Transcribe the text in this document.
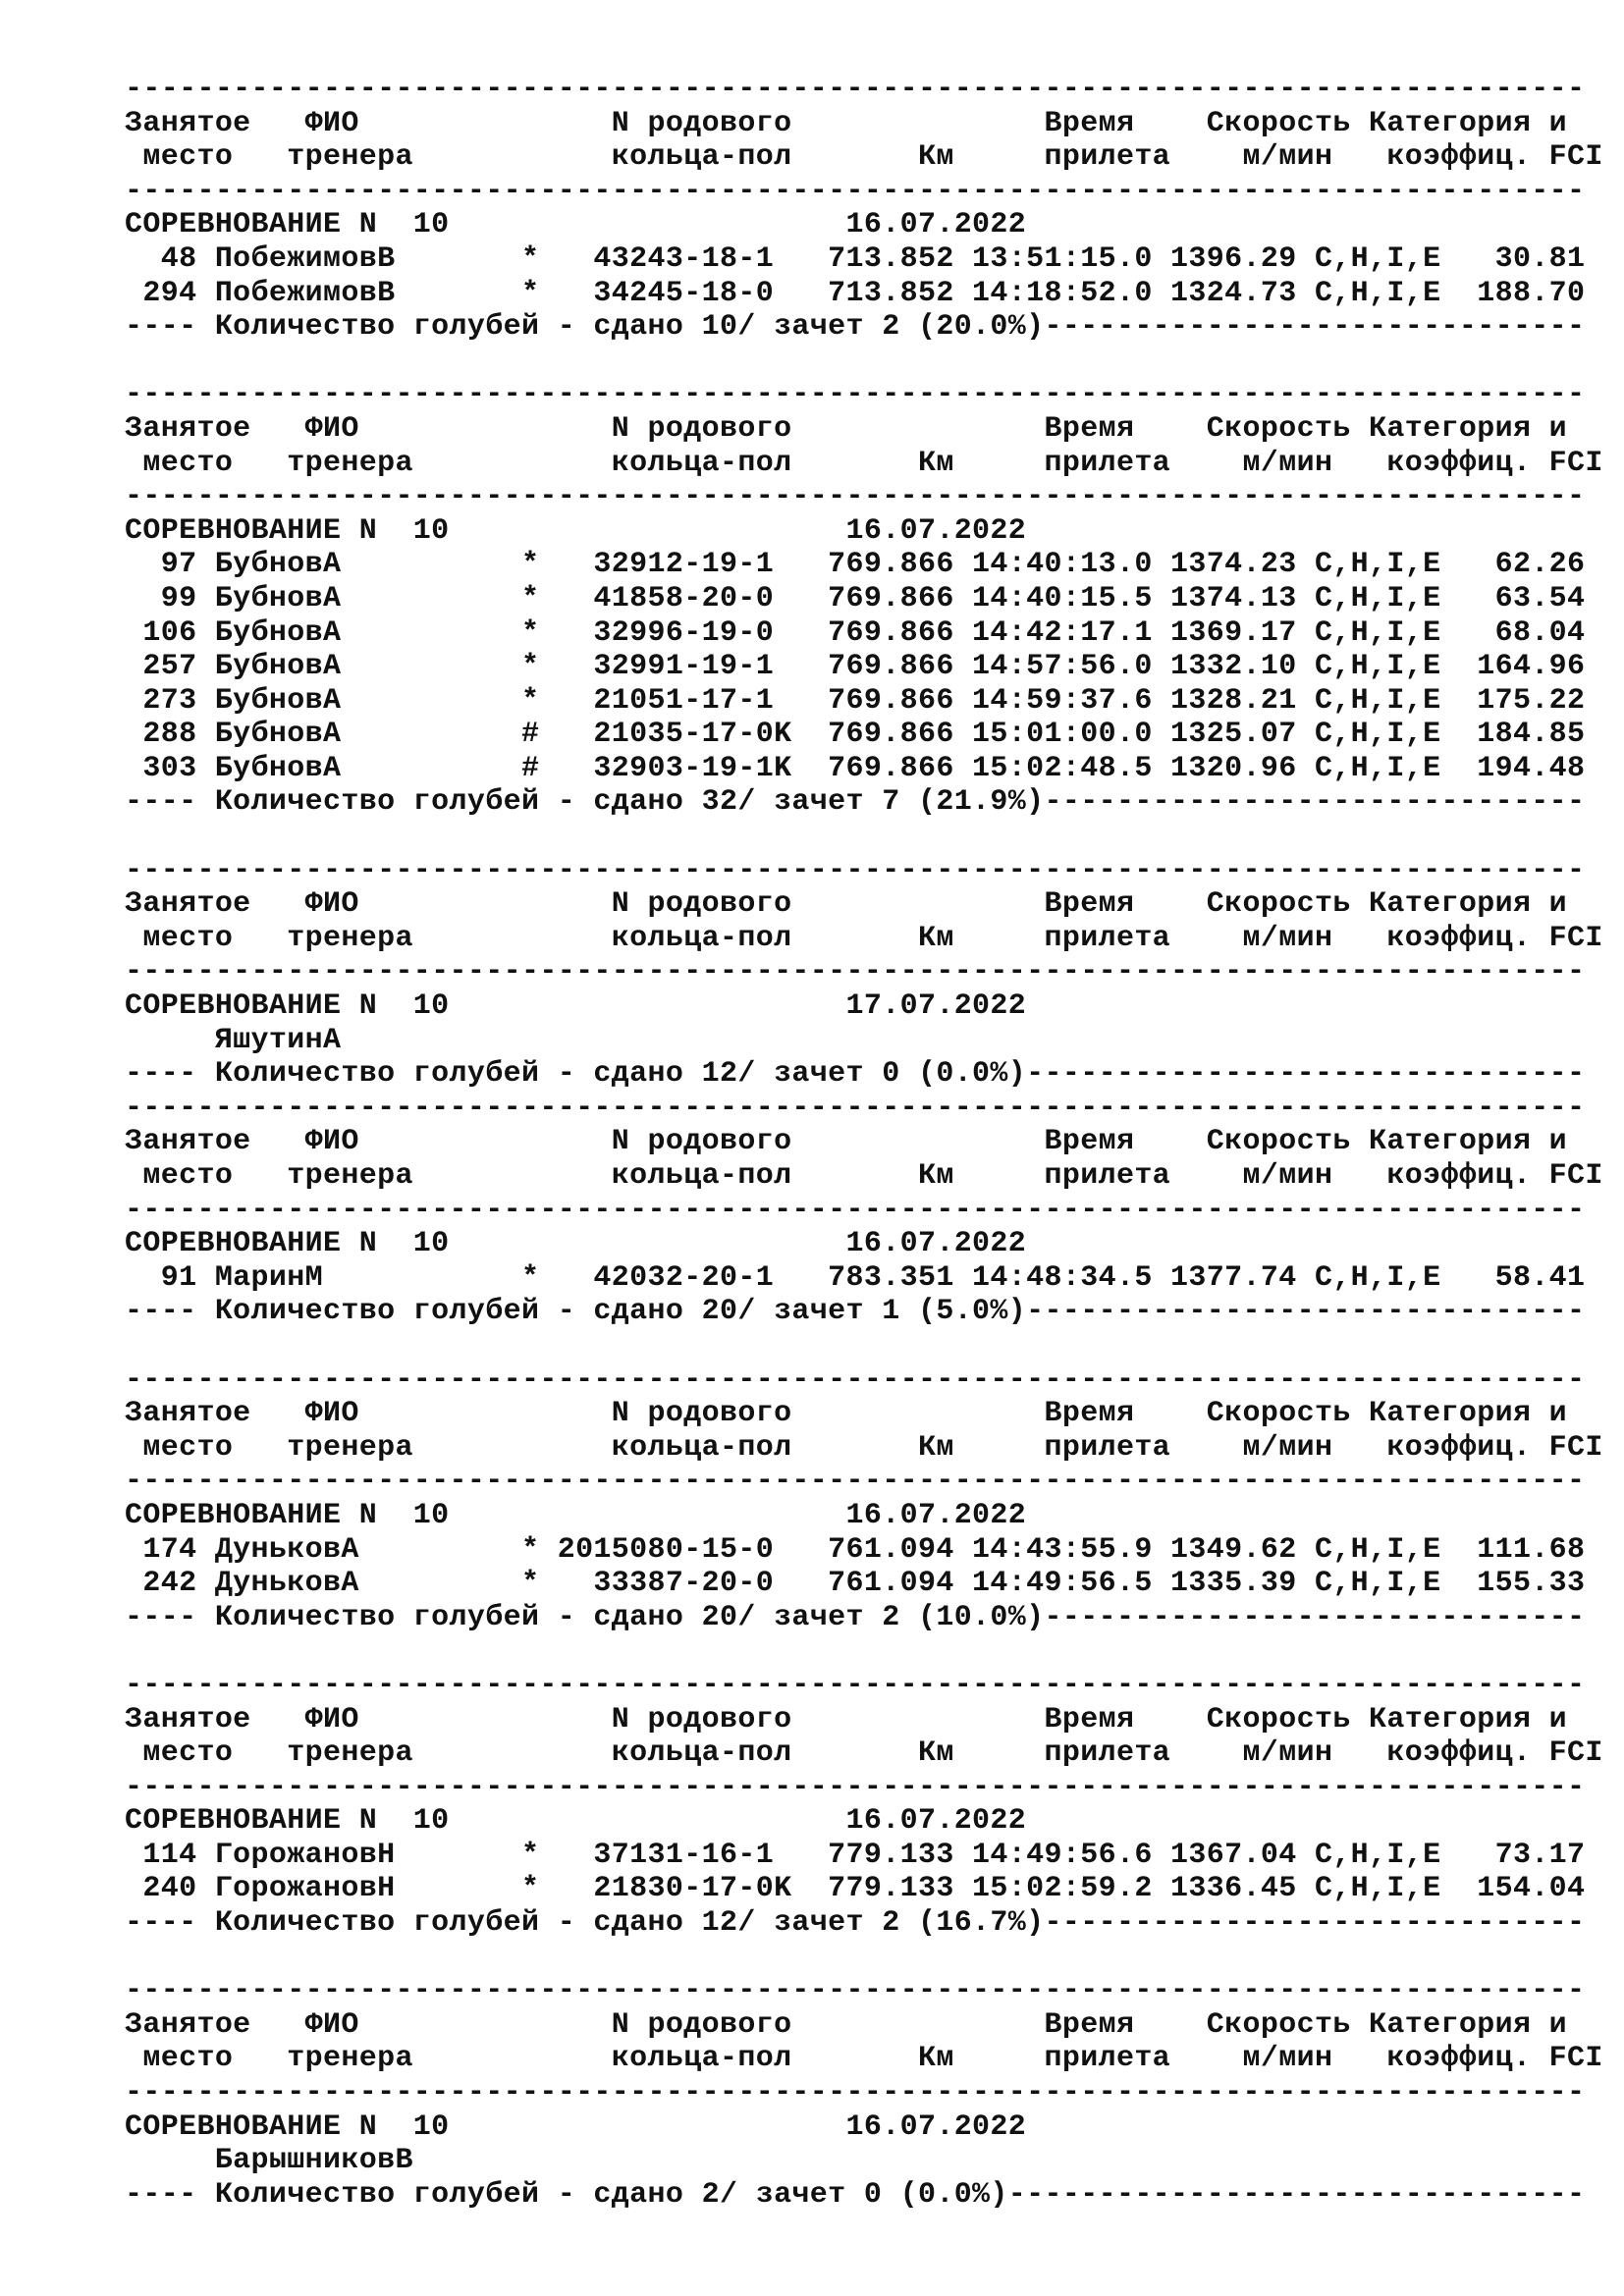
---------------------------------------------------------------------------------
Занятое   ФИО              N родового              Время    Скорость Категория и
место   тренера           кольца-пол       Км     прилета    м/мин   коэффиц. FCI
---------------------------------------------------------------------------------
СОРЕВНОВАНИЕ N  10                      16.07.2022
48 ПобежимовВ       *   43243-18-1   713.852 13:51:15.0 1396.29 C,H,I,E   30.81
294 ПобежимовВ       *   34245-18-0   713.852 14:18:52.0 1324.73 C,H,I,E  188.70
---- Количество голубей - сдано 10/ зачет 2 (20.0%)------------------------------
---------------------------------------------------------------------------------
Занятое   ФИО              N родового              Время    Скорость Категория и
место   тренера           кольца-пол       Км     прилета    м/мин   коэффиц. FCI
---------------------------------------------------------------------------------
СОРЕВНОВАНИЕ N  10                      16.07.2022
97 БубновА          *   32912-19-1   769.866 14:40:13.0 1374.23 C,H,I,E   62.26
99 БубновА          *   41858-20-0   769.866 14:40:15.5 1374.13 C,H,I,E   63.54
106 БубновА          *   32996-19-0   769.866 14:42:17.1 1369.17 C,H,I,E   68.04
257 БубновА          *   32991-19-1   769.866 14:57:56.0 1332.10 C,H,I,E  164.96
273 БубновА          *   21051-17-1   769.866 14:59:37.6 1328.21 C,H,I,E  175.22
288 БубновА          #   21035-17-0K  769.866 15:01:00.0 1325.07 C,H,I,E  184.85
303 БубновА          #   32903-19-1K  769.866 15:02:48.5 1320.96 C,H,I,E  194.48
---- Количество голубей - сдано 32/ зачет 7 (21.9%)------------------------------
---------------------------------------------------------------------------------
Занятое   ФИО              N родового              Время    Скорость Категория и
место   тренера           кольца-пол       Км     прилета    м/мин   коэффиц. FCI
---------------------------------------------------------------------------------
СОРЕВНОВАНИЕ N  10                      17.07.2022
ЯшутинА
---- Количество голубей - сдано 12/ зачет 0 (0.0%)-------------------------------
---------------------------------------------------------------------------------
Занятое   ФИО              N родового              Время    Скорость Категория и
место   тренера           кольца-пол       Км     прилета    м/мин   коэффиц. FCI
---------------------------------------------------------------------------------
СОРЕВНОВАНИЕ N  10                      16.07.2022
91 МаринМ           *   42032-20-1   783.351 14:48:34.5 1377.74 C,H,I,E   58.41
---- Количество голубей - сдано 20/ зачет 1 (5.0%)-------------------------------
---------------------------------------------------------------------------------
Занятое   ФИО              N родового              Время    Скорость Категория и
место   тренера           кольца-пол       Км     прилета    м/мин   коэффиц. FCI
---------------------------------------------------------------------------------
СОРЕВНОВАНИЕ N  10                      16.07.2022
174 ДуньковА         * 2015080-15-0   761.094 14:43:55.9 1349.62 C,H,I,E  111.68
242 ДуньковА         *   33387-20-0   761.094 14:49:56.5 1335.39 C,H,I,E  155.33
---- Количество голубей - сдано 20/ зачет 2 (10.0%)------------------------------
---------------------------------------------------------------------------------
Занятое   ФИО              N родового              Время    Скорость Категория и
место   тренера           кольца-пол       Км     прилета    м/мин   коэффиц. FCI
---------------------------------------------------------------------------------
СОРЕВНОВАНИЕ N  10                      16.07.2022
114 ГорожановН       *   37131-16-1   779.133 14:49:56.6 1367.04 C,H,I,E   73.17
240 ГорожановН       *   21830-17-0K  779.133 15:02:59.2 1336.45 C,H,I,E  154.04
---- Количество голубей - сдано 12/ зачет 2 (16.7%)------------------------------
---------------------------------------------------------------------------------
Занятое   ФИО              N родового              Время    Скорость Категория и
место   тренера           кольца-пол       Км     прилета    м/мин   коэффиц. FCI
---------------------------------------------------------------------------------
СОРЕВНОВАНИЕ N  10                      16.07.2022
БарышниковВ
---- Количество голубей - сдано 2/ зачет 0 (0.0%)--------------------------------
